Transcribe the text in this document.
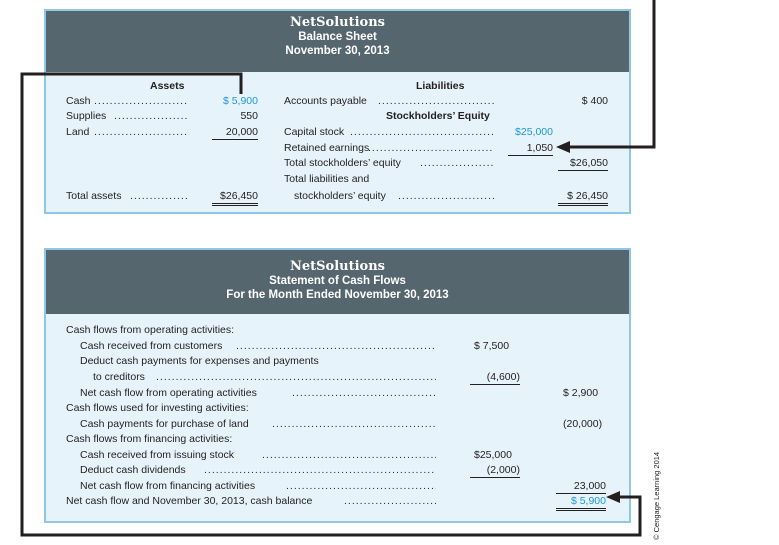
NetSolutions
Balance Sheet
November 30, 2013
Assets	Liabilities
Cash .....	$ 5,900
Supplies .....	550
Land .....	20,000
Total assets .....	$26,450
Accounts payable .....	$ 400
Stockholders’ Equity
Capital stock .....	$25,000
Retained earnings .....	1,050
Total stockholders’ equity .....	$26,050
Total liabilities and
stockholders’ equity .....	$ 26,450
NetSolutions
Statement of Cash Flows
For the Month Ended November 30, 2013
Cash flows from operating activities:
Cash received from customers .....	$ 7,500
Deduct cash payments for expenses and payments
to creditors .....	(4,600)
Net cash flow from operating activities .....	$ 2,900
Cash flows used for investing activities:
Cash payments for purchase of land .....	(20,000)
Cash flows from financing activities:
Cash received from issuing stock .....	$25,000
Deduct cash dividends .....	(2,000)
Net cash flow from financing activities .....	23,000
Net cash flow and November 30, 2013, cash balance .....	$ 5,900	© Cengage Learning 2014
